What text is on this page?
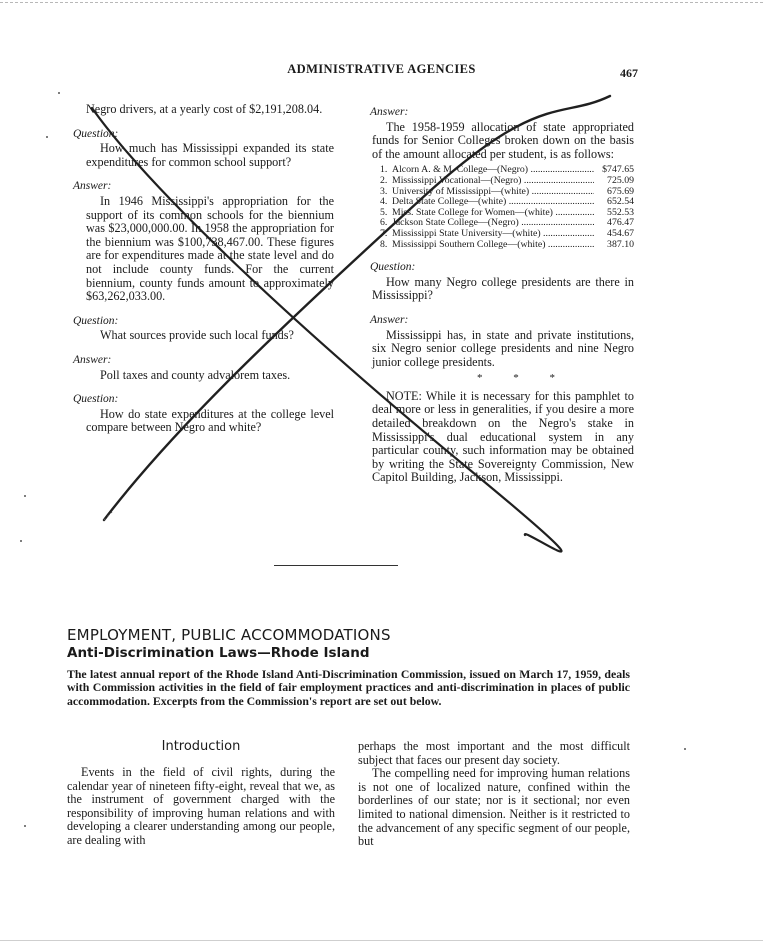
ADMINISTRATIVE AGENCIES	467

Negro drivers, at a yearly cost of $2,191,208.04.

Question:

How much has Mississippi expanded its state expenditures for common school support?

Answer:

In 1946 Mississippi's appropriation for the support of its common schools for the biennium was $23,000,000.00. In 1958 the appropriation for the biennium was $100,738,467.00. These figures are for expenditures made at the state level and do not include county funds. For the current biennium, county funds amount to approximately $63,262,033.00.

Question:

What sources provide such local funds?

Answer:

Poll taxes and county advalorem taxes.

Question:

How do state expenditures at the college level compare between Negro and white?

Answer:

The 1958-1959 allocation of state appropriated funds for Senior Colleges broken down on the basis of the amount allocated per student, is as follows:

1. Alcorn A. & M. College—(Negro) .....	$747.65
2. Mississippi Vocational—(Negro) .....	725.09
3. University of Mississippi—(white) .....	675.69
4. Delta State College—(white) .....	652.54
5. Miss. State College for Women—(white) .....	552.53
6. Jackson State College—(Negro) .....	476.47
7. Mississippi State University—(white) .....	454.67
8. Mississippi Southern College—(white) .....	387.10
Question:

How many Negro college presidents are there in Mississippi?

Answer:

Mississippi has, in state and private institutions, six Negro senior college presidents and nine Negro junior college presidents.

* * *

NOTE: While it is necessary for this pamphlet to deal more or less in generalities, if you desire a more detailed breakdown on the Negro's stake in Mississippi's dual educational system in any particular county, such information may be obtained by writing the State Sovereignty Commission, New Capitol Building, Jackson, Mississippi.

EMPLOYMENT, PUBLIC ACCOMMODATIONS
Anti-Discrimination Laws—Rhode Island
The latest annual report of the Rhode Island Anti-Discrimination Commission, issued on March 17, 1959, deals with Commission activities in the field of fair employment practices and anti-discrimination in places of public accommodation. Excerpts from the Commission's report are set out below.
Introduction

Events in the field of civil rights, during the calendar year of nineteen fifty-eight, reveal that we, as the instrument of government charged with the responsibility of improving human relations and with developing a clearer understanding among our people, are dealing with

perhaps the most important and the most difficult subject that faces our present day society.

The compelling need for improving human relations is not one of localized nature, confined within the borderlines of our state; nor is it sectional; nor even limited to national dimension. Neither is it restricted to the advancement of any specific segment of our people, but
